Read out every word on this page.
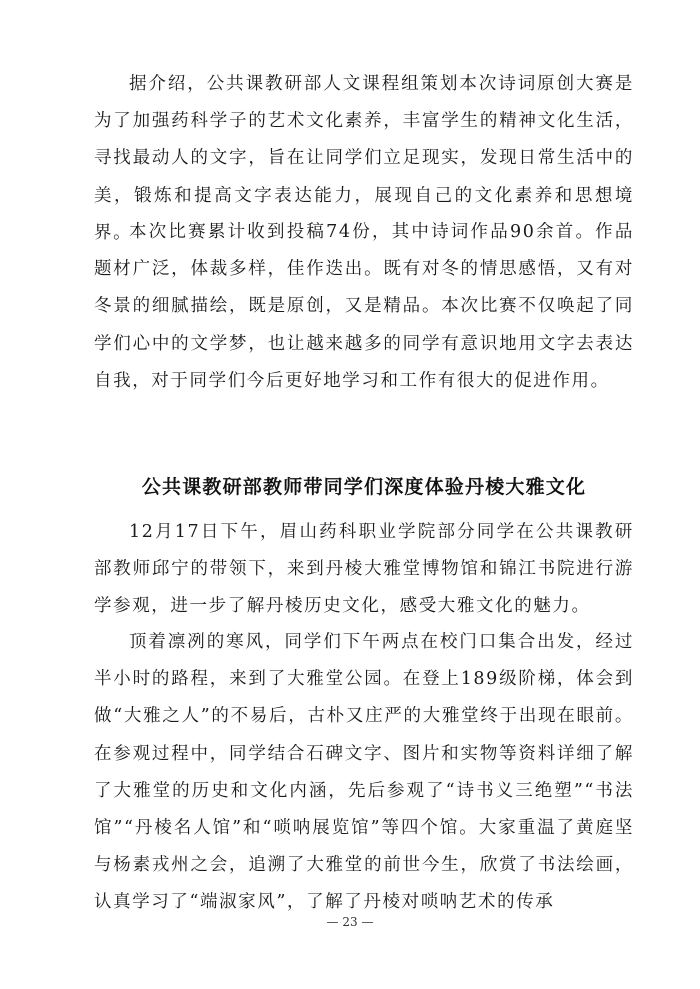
据介绍，公共课教研部人文课程组策划本次诗词原创大赛是为了加强药科学子的艺术文化素养，丰富学生的精神文化生活，寻找最动人的文字，旨在让同学们立足现实，发现日常生活中的美，锻炼和提高文字表达能力，展现自己的文化素养和思想境界。

本次比赛累计收到投稿74份，其中诗词作品90余首。作品题材广泛，体裁多样，佳作迭出。既有对冬的情思感悟，又有对冬景的细腻描绘，既是原创，又是精品。本次比赛不仅唤起了同学们心中的文学梦，也让越来越多的同学有意识地用文字去表达自我，对于同学们今后更好地学习和工作有很大的促进作用。

公共课教研部教师带同学们深度体验丹棱大雅文化

12月17日下午，眉山药科职业学院部分同学在公共课教研部教师邱宁的带领下，来到丹棱大雅堂博物馆和锦江书院进行游学参观，进一步了解丹棱历史文化，感受大雅文化的魅力。

顶着凛冽的寒风，同学们下午两点在校门口集合出发，经过半小时的路程，来到了大雅堂公园。在登上189级阶梯，体会到做“大雅之人”的不易后，古朴又庄严的大雅堂终于出现在眼前。在参观过程中，同学结合石碑文字、图片和实物等资料详细了解了大雅堂的历史和文化内涵，先后参观了“诗书义三绝塑”“书法馆”“丹棱名人馆”和“唢呐展览馆”等四个馆。大家重温了黄庭坚与杨素戎州之会，追溯了大雅堂的前世今生，欣赏了书法绘画，认真学习了“端淑家风”，了解了丹棱对唢呐艺术的传承

— 23 —
